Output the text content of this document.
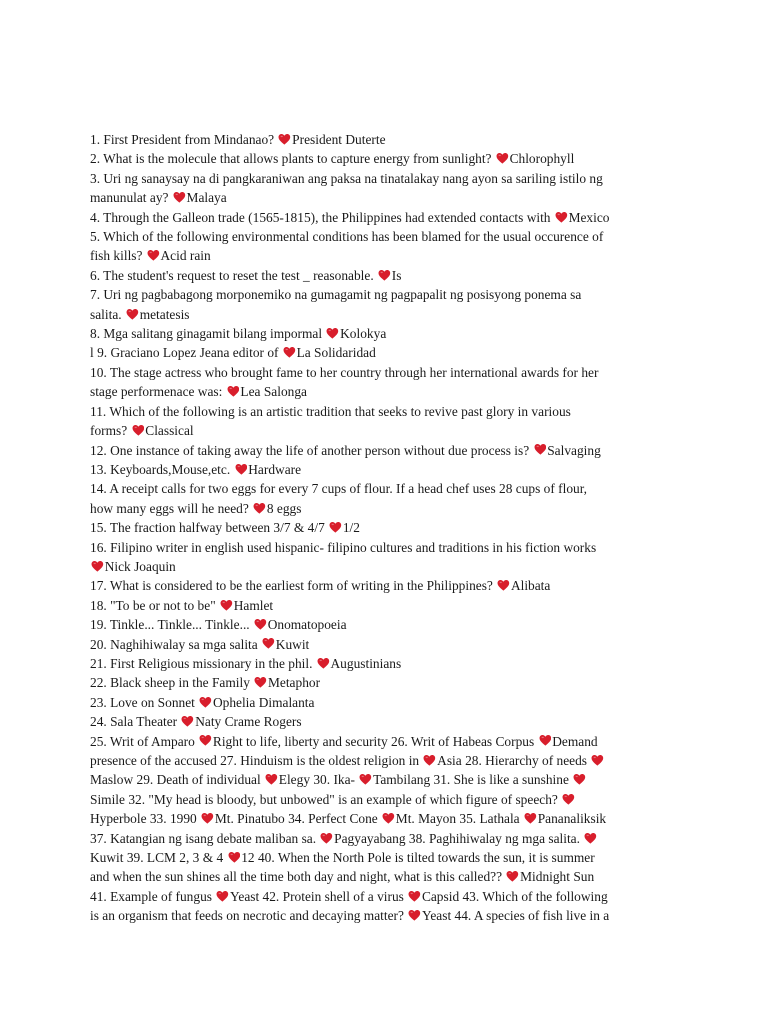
1. First President from Mindanao?
President Duterte
2. What is the molecule that allows plants to capture energy from sunlight?
Chlorophyll
3. Uri ng sanaysay na di pangkaraniwan ang paksa na tinatalakay nang ayon sa sariling istilo ng
manunulat ay?
Malaya
4. Through the Galleon trade (1565-1815), the Philippines had extended contacts with
Mexico
5. Which of the following environmental conditions has been blamed for the usual occurence of
fish kills?
Acid rain
6. The student's request to reset the test _ reasonable.
Is
7. Uri ng pagbabagong morponemiko na gumagamit ng pagpapalit ng posisyong ponema sa
salita.
metatesis
8. Mga salitang ginagamit bilang impormal
Kolokya
l 9. Graciano Lopez Jeana editor of
La Solidaridad
10. The stage actress who brought fame to her country through her international awards for her
stage performenace was:
Lea Salonga
11. Which of the following is an artistic tradition that seeks to revive past glory in various
forms?
Classical
12. One instance of taking away the life of another person without due process is?
Salvaging
13. Keyboards,Mouse,etc.
Hardware
14. A receipt calls for two eggs for every 7 cups of flour. If a head chef uses 28 cups of flour,
how many eggs will he need?
8 eggs
15. The fraction halfway between 3/7 & 4/7
1/2
16. Filipino writer in english used hispanic- filipino cultures and traditions in his fiction works
Nick Joaquin
17. What is considered to be the earliest form of writing in the Philippines?
Alibata
18. "To be or not to be"
Hamlet
19. Tinkle... Tinkle... Tinkle...
Onomatopoeia
20. Naghihiwalay sa mga salita
Kuwit
21. First Religious missionary in the phil.
Augustinians
22. Black sheep in the Family
Metaphor
23. Love on Sonnet
Ophelia Dimalanta
24. Sala Theater
Naty Crame Rogers
25. Writ of Amparo
Right to life, liberty and security 26. Writ of Habeas Corpus
Demand
presence of the accused 27. Hinduism is the oldest religion in
Asia 28. Hierarchy of needs
Maslow 29. Death of individual
Elegy 30. Ika-
Tambilang 31. She is like a sunshine
Simile 32. "My head is bloody, but unbowed" is an example of which figure of speech?
Hyperbole 33. 1990
Mt. Pinatubo 34. Perfect Cone
Mt. Mayon 35. Lathala
Pananaliksik
37. Katangian ng isang debate maliban sa.
Pagyayabang 38. Paghihiwalay ng mga salita.
Kuwit 39. LCM 2, 3 & 4
12 40. When the North Pole is tilted towards the sun, it is summer
and when the sun shines all the time both day and night, what is this called??
Midnight Sun
41. Example of fungus
Yeast 42. Protein shell of a virus
Capsid 43. Which of the following
is an organism that feeds on necrotic and decaying matter?
Yeast 44. A species of fish live in a
